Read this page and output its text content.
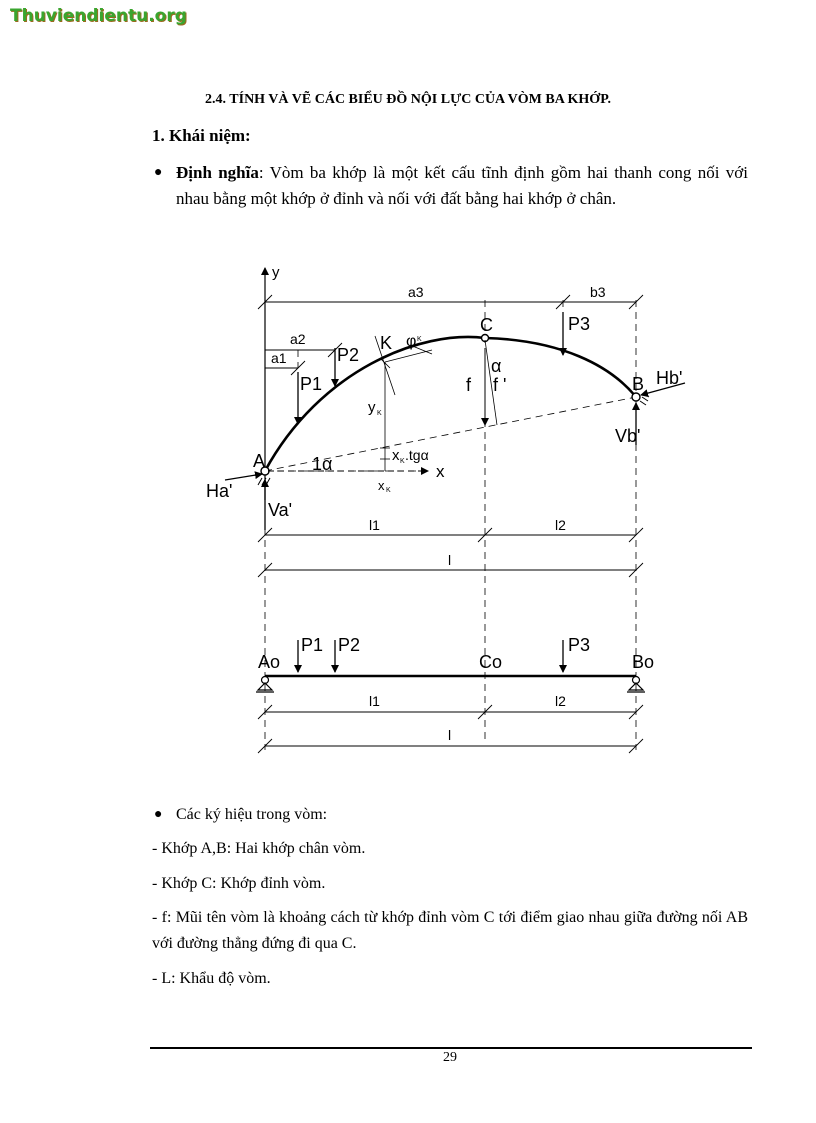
Thuviendientu.org
2.4. TÍNH VÀ VẼ CÁC BIỂU ĐỒ NỘI LỰC CỦA VÒM BA KHỚP.
1. Khái niệm:
● Định nghĩa: Vòm ba khớp là một kết cấu tĩnh định gồm hai thanh cong nối với nhau bằng một khớp ở đỉnh và nối với đất bằng hai khớp ở chân.
y
a3	b3
a2
a1
C	P3
K
P2
α
P1	f f '	B Hb'
Vb'
A	1α
Ha'
Va'
φ K
y K
x K .tgα
x
x K
l1	l2
l
P1 P2	P3
Ao	Co	Bo
l1	l2
l
● Các ký hiệu trong vòm:
- Khớp A,B: Hai khớp chân vòm.
- Khớp C: Khớp đỉnh vòm.
- f: Mũi tên vòm là khoảng cách từ khớp đỉnh vòm C tới điểm giao nhau giữa đường nối AB với đường thẳng đứng đi qua C.
- L: Khẩu độ vòm.
29
